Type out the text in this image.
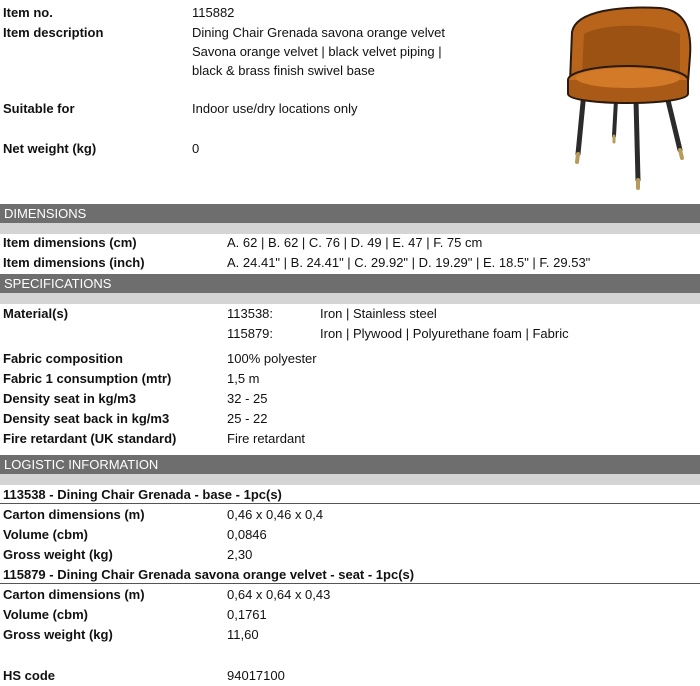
Item no.	115882
Item description	Dining Chair Grenada savona orange velvet
Savona orange velvet | black velvet piping |
black & brass finish swivel base
Suitable for	Indoor use/dry locations only
Net weight (kg)	0
DIMENSIONS
Item dimensions (cm)	A. 62 | B. 62 | C. 76 | D. 49 | E. 47 | F. 75 cm
Item dimensions (inch)	A. 24.41" | B. 24.41" | C. 29.92" | D. 19.29" | E. 18.5" | F. 29.53"
SPECIFICATIONS
Material(s)	113538:	Iron | Stainless steel
115879:	Iron | Plywood | Polyurethane foam | Fabric
Fabric composition	100% polyester
Fabric 1 consumption (mtr)	1,5 m
Density seat in kg/m3	32 - 25
Density seat back in kg/m3	25 - 22
Fire retardant (UK standard)	Fire retardant
LOGISTIC INFORMATION
113538 - Dining Chair Grenada - base - 1pc(s)
Carton dimensions (m)	0,46 x 0,46 x 0,4
Volume (cbm)	0,0846
Gross weight (kg)	2,30
115879 - Dining Chair Grenada savona orange velvet - seat - 1pc(s)
Carton dimensions (m)	0,64 x 0,64 x 0,43
Volume (cbm)	0,1761
Gross weight (kg)	11,60
HS code	94017100
